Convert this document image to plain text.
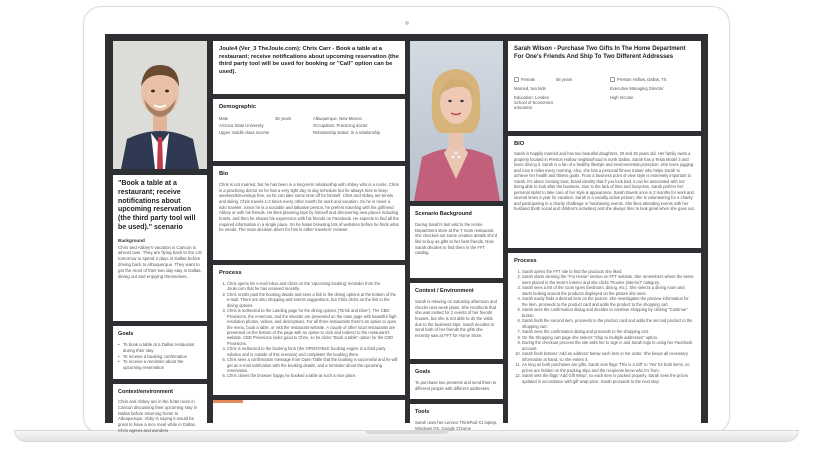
"Book a table at a restaurant; receive notifications about upcoming reservation (the third party tool will be used)." scenario
Background
Chris and Abbey's vacation is Cancun is almost over. They are flying back to the US tomorrow to spend 2 days in Dallas before driving back to Albuquerque. They want to get the most of their two day stay in Dallas, dining out and enjoying themselves.
Goals
• To book a table at a Dallas restaurant during their stay
• To receive a booking confirmation
• To receive a reminder about the upcoming reservation
Context/environment
Chris and Abbey are in the hotel room in Cancun discussing their upcoming stay in Dallas before returning home to Albuquerque. Abby is saying it would be great to have a nice meal while in Dallas. Chris agrees and wonders
Joule4 (Ver_3 TheJoule.com): Chris Carr - Book a table at a restaurant; receive notifications about upcoming reservation (the third party tool will be used for booking or "Call" option can be used).
Demographic
Male	36 years	Albuquerque, New Mexico
Arizona State University	Occupation: Practicing doctor
Upper middle class income	Relationship status: In a relationship
Bio
Chris is not married, but he has been in a long-term relationship with Abbey who is a nurse. Chris is a practicing doctor so he has a very tight day to day schedule but he always tries to keep weekends/evenings free, so he can take some time off for himself. Chris and Abbey are tennis and skiing. Chris travels 1-2 times every other month for work and vacation. So he is never a solo traveler. Since he is a sociable and talkative person, he prefers traveling with his girlfriend Abbey or with his friends. He likes planning trips by himself and discovering new places including hotels, and then he shares his experience with his friends on Facebook. He expects to find all the required information in a single place. So he hates browsing lots of websites before he finds what he needs. The main decision driver for him is either travelers' reviews.
Process
1. Chris opens his e-mail inbox and clicks on the 'Upcoming booking' reminder from the Joule.com that he has received recently.
2. Chris scrolls past the booking details and sees a link to the dining options at the bottom of the e-mail. There are also shopping and events suggestions, but Chris clicks on the link to the dining options.
3. Chris is redirected to the Landing page for the dining options ("Drink and Dine"). The CBD Provisions, the American, and the Wooder are presented on the main page with beautiful high resolution photos, videos, and descriptions. For all three restaurants there's an option to open the menu, book a table, or visit the restaurant website. A couple of other local restaurants are presented on the bottom of the page with an option to click and redirect to the restaurant's website. CBD Provisions looks good to Chris, so he clicks "Book a table" option for the CBD Provisions.
4. Chris is redirected to the booking form (the OPENTABLE booking engine is a third party solution and is outside of this scenario) and completes the booking there.
5. Chris sees a confirmation message from Open Table that the booking is successful and he will get an e-mail notification with the booking details, and a reminder about the upcoming reservation.
6. Chris closes the browser happy he booked a table at such a nice place.
Scenario Background
During Sarah's last visit to the Home Department store at the T room restaurant, she checked out some creative details she'd like to buy as gifts to her best friends. Now Sarah decides to find them in the FFT catalog.
Context / Environment
Sarah is relaxing on Saturday afternoon and checks next week plans. She recollects that she was invited for 2 events of her friends houses, but she is not able to do the visits due to the business trips. Sarah decides to send both of her friends the gifts she recently saw at FFT for Home Store.
Goals
To purchase two presents and send them to different people with different addresses.
Tools
Sarah uses her Lenovo ThinkPad X1 laptop, Windows OS, Google Chrome
Sarah Wilson - Purchase Two Gifts In The Home Department For One's Friends And Ship To Two Different Addresses
Female	56 years	Preston Hollow, Dallas, TX
Married, two kids	Executive Managing Director
Education: London School of Economics education
High Income
BIO
Sarah is happily married and has two beautiful daughters, 20 and 25 years old. Her family owns a property located in Preston Hollow neighborhood in north Dallas. Sarah has a Tesla Model 3 and loves driving it. Sarah is a fan of a healthy lifestyle and environmental protection. She loves jogging and runs 5 miles every morning. Also, she has a personal fitness trainer who helps Sarah to achieve her health and fitness goals. From a business point of view style is extremely important to Sarah. It's about creating trust, brand identity that if you look bad, it can be associated with not being able to look after the business. Due to the lack of time and busyness, Sarah prefers her personal stylist to take care of her style & appearance. Sarah travels once in 2 months for work and several times a year for vacation. Sarah is a socially active person; she is volunteering for a charity and participating in a charity challenge or fundraising events. She likes attending events with her husband (both social and children's activities) and she always tries to look great when she goes out.
Process
1. Sarah opens the FFT site to find the products she liked.
2. Sarah starts clearing the "For Home" section on FFT website. She remembers where the items were placed in the store's interior and she clicks "Rooms (interior)" category.
3. Sarah sees a list of the room types (bedroom, dining, etc.). She selects a dining room and starts looking around the products displayed on the picture she sees.
4. Sarah easily finds a desired item on the picture. She investigates the preview information for the item, proceeds to the product card and adds the product to the shopping cart.
5. Sarah sees the confirmation dialog and decides to continue shopping by clicking "Continue" button.
6. Sarah finds the second item, proceeds to the product card and adds the second product to the shopping cart.
7. Sarah sees the confirmation dialog and proceeds to the shopping cart.
8. On the Shopping cart page she selects "Ship to multiple addresses" option.
9. During the checkout process the site asks her to sign in and Sarah logs in using her Facebook account.
10. Sarah finds buttons 'Add an address' below each item in her order. She keeps all necessary information at hand, so she enters it.
11. As long as both purchases are gifts, Sarah sets flags 'This is a Gift' to 'Yes' for both items, so prices are hidden on the packing slips and the recipients know who it's from.
12. Sarah sets the flags 'Add Gift Wrap', so each item is packed properly. Sarah sees the prices updated in accordance with gift wrap price. Sarah proceeds to the next step.
